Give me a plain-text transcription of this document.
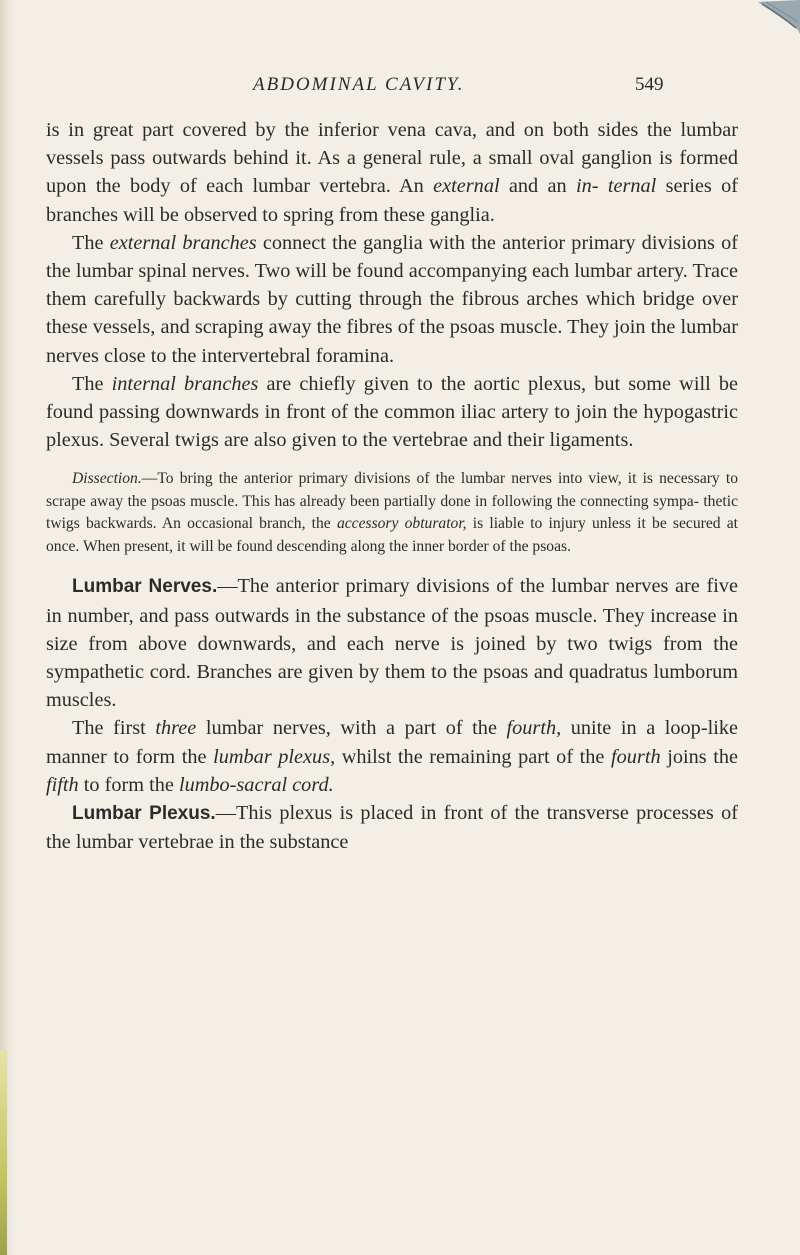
ABDOMINAL CAVITY.	549

is in great part covered by the inferior vena cava, and on both sides the lumbar vessels pass outwards behind it. As a general rule, a small oval ganglion is formed upon the body of each lumbar vertebra. An external and an in- ternal series of branches will be observed to spring from these ganglia.

The external branches connect the ganglia with the anterior primary divisions of the lumbar spinal nerves. Two will be found accompanying each lumbar artery. Trace them carefully backwards by cutting through the fibrous arches which bridge over these vessels, and scraping away the fibres of the psoas muscle. They join the lumbar nerves close to the intervertebral foramina.

The internal branches are chiefly given to the aortic plexus, but some will be found passing downwards in front of the common iliac artery to join the hypogastric plexus. Several twigs are also given to the vertebrae and their ligaments.

Dissection.—To bring the anterior primary divisions of the lumbar nerves into view, it is necessary to scrape away the psoas muscle. This has already been partially done in following the connecting sympa- thetic twigs backwards. An occasional branch, the accessory obturator, is liable to injury unless it be secured at once. When present, it will be found descending along the inner border of the psoas.

Lumbar Nerves.—The anterior primary divisions of the lumbar nerves are five in number, and pass outwards in the substance of the psoas muscle. They increase in size from above downwards, and each nerve is joined by two twigs from the sympathetic cord. Branches are given by them to the psoas and quadratus lumborum muscles.

The first three lumbar nerves, with a part of the fourth, unite in a loop-like manner to form the lumbar plexus, whilst the remaining part of the fourth joins the fifth to form the lumbo-sacral cord.

Lumbar Plexus.—This plexus is placed in front of the transverse processes of the lumbar vertebrae in the substance
